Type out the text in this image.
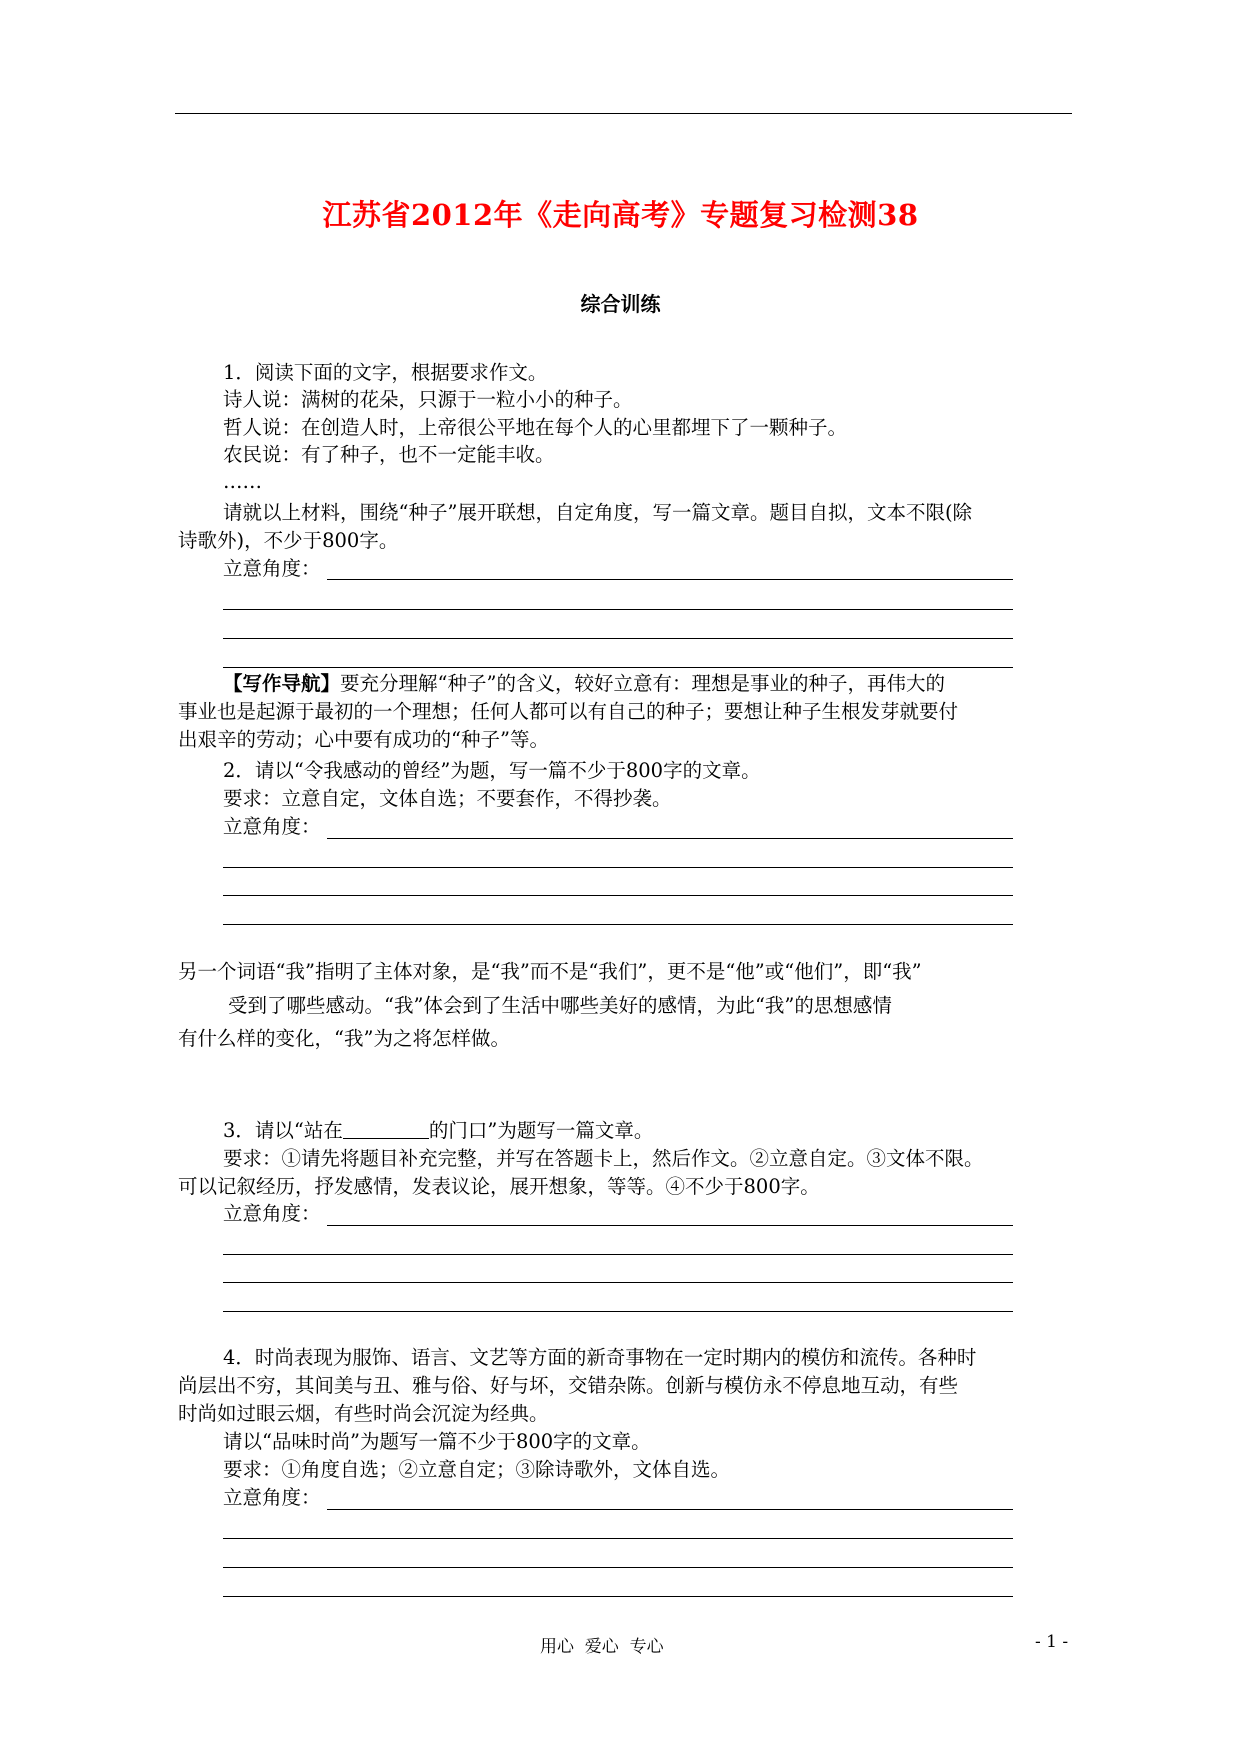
江苏省2012年《走向高考》专题复习检测38
综合训练
1．阅读下面的文字，根据要求作文。
诗人说：满树的花朵，只源于一粒小小的种子。
哲人说：在创造人时，上帝很公平地在每个人的心里都埋下了一颗种子。
农民说：有了种子，也不一定能丰收。
……
请就以上材料，围绕“种子”展开联想，自定角度，写一篇文章。题目自拟，文本不限(除
诗歌外)，不少于800字。
立意角度：
【写作导航】要充分理解“种子”的含义，较好立意有：理想是事业的种子，再伟大的
事业也是起源于最初的一个理想；任何人都可以有自己的种子；要想让种子生根发芽就要付
出艰辛的劳动；心中要有成功的“种子”等。
2．请以“令我感动的曾经”为题，写一篇不少于800字的文章。
要求：立意自定，文体自选；不要套作，不得抄袭。
立意角度：
另一个词语“我”指明了主体对象，是“我”而不是“我们”，更不是“他”或“他们”，即“我”
受到了哪些感动。“我”体会到了生活中哪些美好的感情，为此“我”的思想感情
有什么样的变化，“我”为之将怎样做。
3．请以“站在	的门口”为题写一篇文章。
要求：①请先将题目补充完整，并写在答题卡上，然后作文。②立意自定。③文体不限。
可以记叙经历，抒发感情，发表议论，展开想象，等等。④不少于800字。
立意角度：
4．时尚表现为服饰、语言、文艺等方面的新奇事物在一定时期内的模仿和流传。各种时
尚层出不穷，其间美与丑、雅与俗、好与坏，交错杂陈。创新与模仿永不停息地互动，有些
时尚如过眼云烟，有些时尚会沉淀为经典。
请以“品味时尚”为题写一篇不少于800字的文章。
要求：①角度自选；②立意自定；③除诗歌外，文体自选。
立意角度：
用心  爱心  专心	- 1 -
